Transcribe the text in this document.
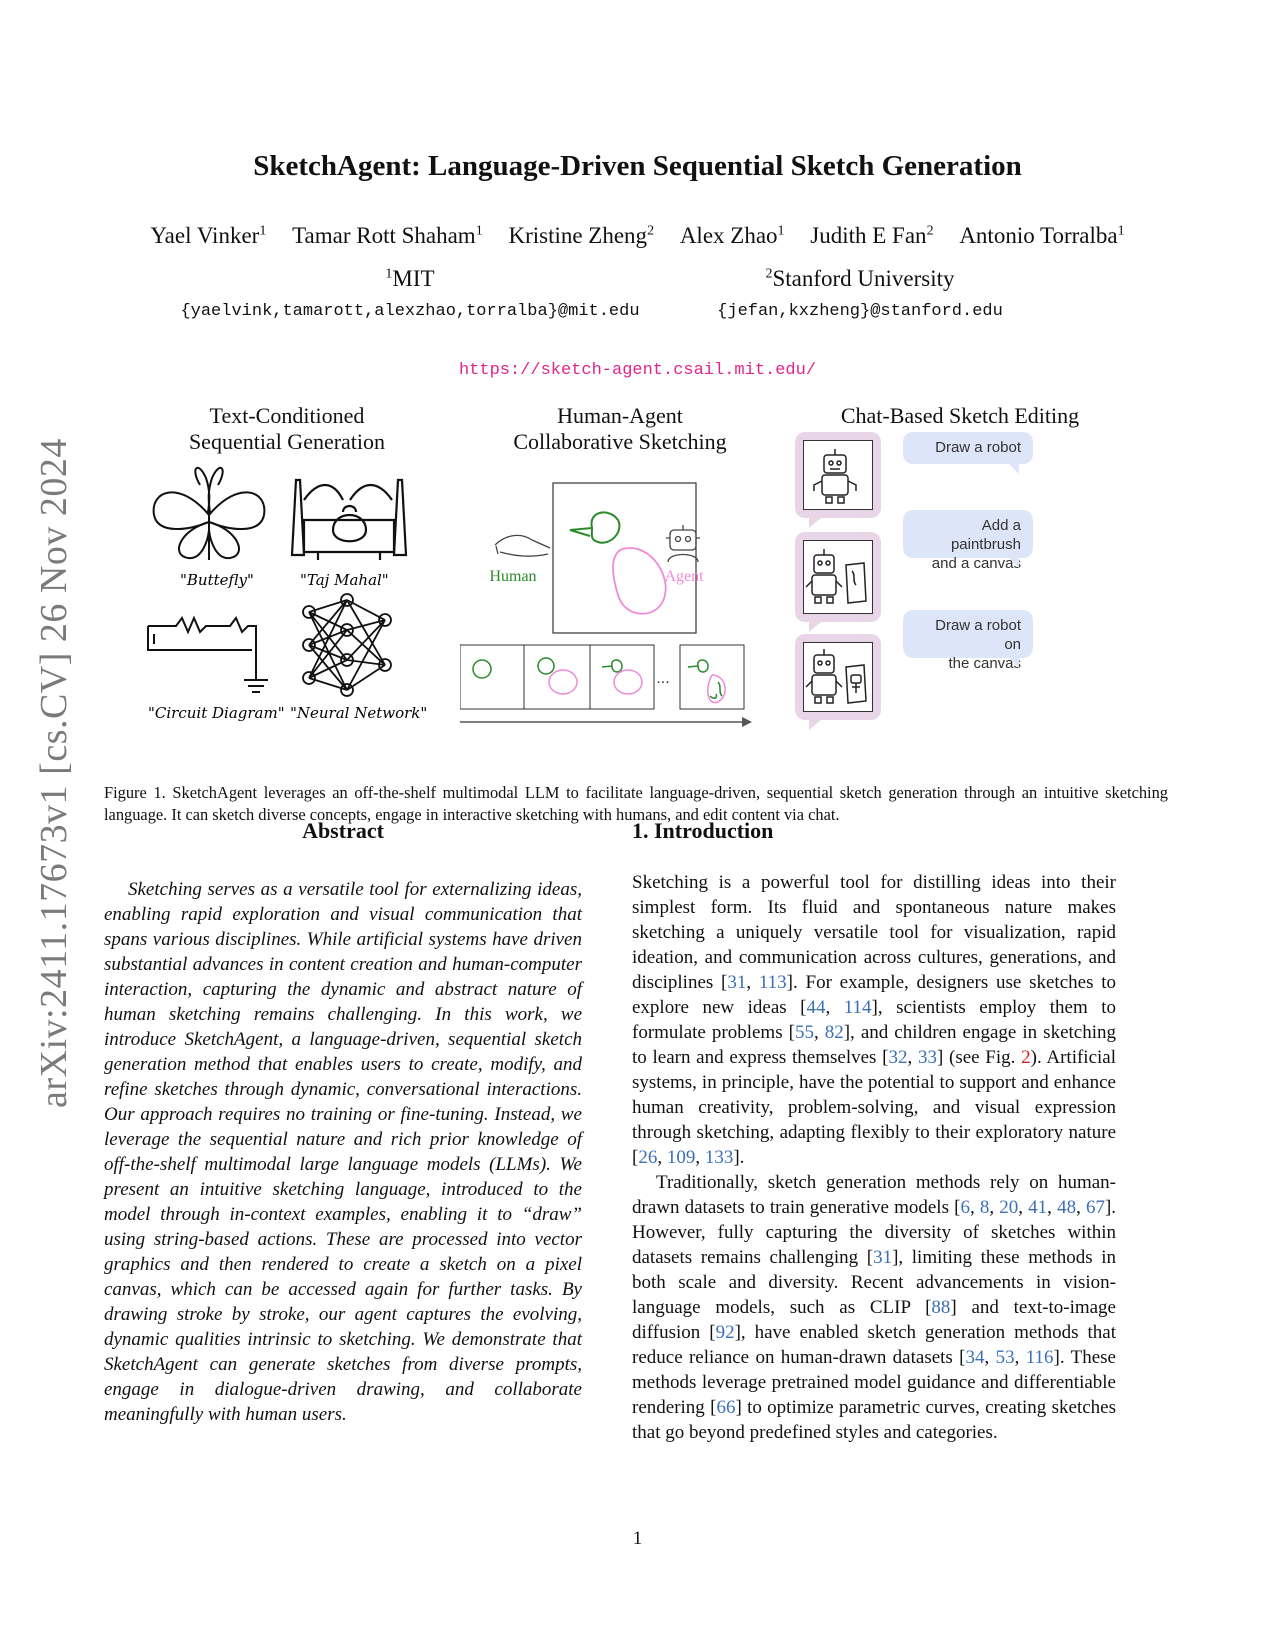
arXiv:2411.17673v1 [cs.CV] 26 Nov 2024
SketchAgent: Language-Driven Sequential Sketch Generation
Yael Vinker$^1$ Tamar Rott Shaham$^1$ Kristine Zheng$^2$ Alex Zhao$^1$ Judith E Fan$^2$ Antonio Torralba$^1$
$^1$MIT
{yaelvink,tamarott,alexzhao,torralba}@mit.edu
$^2$Stanford University
{jefan,kxzheng}@stanford.edu
https://sketch-agent.csail.mit.edu/
Text-Conditioned
Sequential Generation
Human-Agent
Collaborative Sketching
Chat-Based Sketch Editing
"Buttefly"	"Taj Mahal"
"Circuit Diagram" "Neural Network"
Human	Agent
...
Draw a robot
Add a paintbrush
and a canvas
Draw a robot on
the canvas
Figure 1. SketchAgent leverages an off-the-shelf multimodal LLM to facilitate language-driven, sequential sketch generation through an intuitive sketching language. It can sketch diverse concepts, engage in interactive sketching with humans, and edit content via chat.
Abstract
Sketching serves as a versatile tool for externalizing ideas, enabling rapid exploration and visual communication that spans various disciplines. While artificial systems have driven substantial advances in content creation and human-computer interaction, capturing the dynamic and abstract nature of human sketching remains challenging. In this work, we introduce SketchAgent, a language-driven, sequential sketch generation method that enables users to create, modify, and refine sketches through dynamic, conversational interactions. Our approach requires no training or fine-tuning. Instead, we leverage the sequential nature and rich prior knowledge of off-the-shelf multimodal large language models (LLMs). We present an intuitive sketching language, introduced to the model through in-context examples, enabling it to “draw” using string-based actions. These are processed into vector graphics and then rendered to create a sketch on a pixel canvas, which can be accessed again for further tasks. By drawing stroke by stroke, our agent captures the evolving, dynamic qualities intrinsic to sketching. We demonstrate that SketchAgent can generate sketches from diverse prompts, engage in dialogue-driven drawing, and collaborate meaningfully with human users.
1. Introduction
Sketching is a powerful tool for distilling ideas into their simplest form. Its fluid and spontaneous nature makes sketching a uniquely versatile tool for visualization, rapid ideation, and communication across cultures, generations, and disciplines [31, 113]. For example, designers use sketches to explore new ideas [44, 114], scientists employ them to formulate problems [55, 82], and children engage in sketching to learn and express themselves [32, 33] (see Fig. 2). Artificial systems, in principle, have the potential to support and enhance human creativity, problem-solving, and visual expression through sketching, adapting flexibly to their exploratory nature [26, 109, 133].
Traditionally, sketch generation methods rely on human-drawn datasets to train generative models [6, 8, 20, 41, 48, 67]. However, fully capturing the diversity of sketches within datasets remains challenging [31], limiting these methods in both scale and diversity. Recent advancements in vision-language models, such as CLIP [88] and text-to-image diffusion [92], have enabled sketch generation methods that reduce reliance on human-drawn datasets [34, 53, 116]. These methods leverage pretrained model guidance and differentiable rendering [66] to optimize parametric curves, creating sketches that go beyond predefined styles and categories.
1
